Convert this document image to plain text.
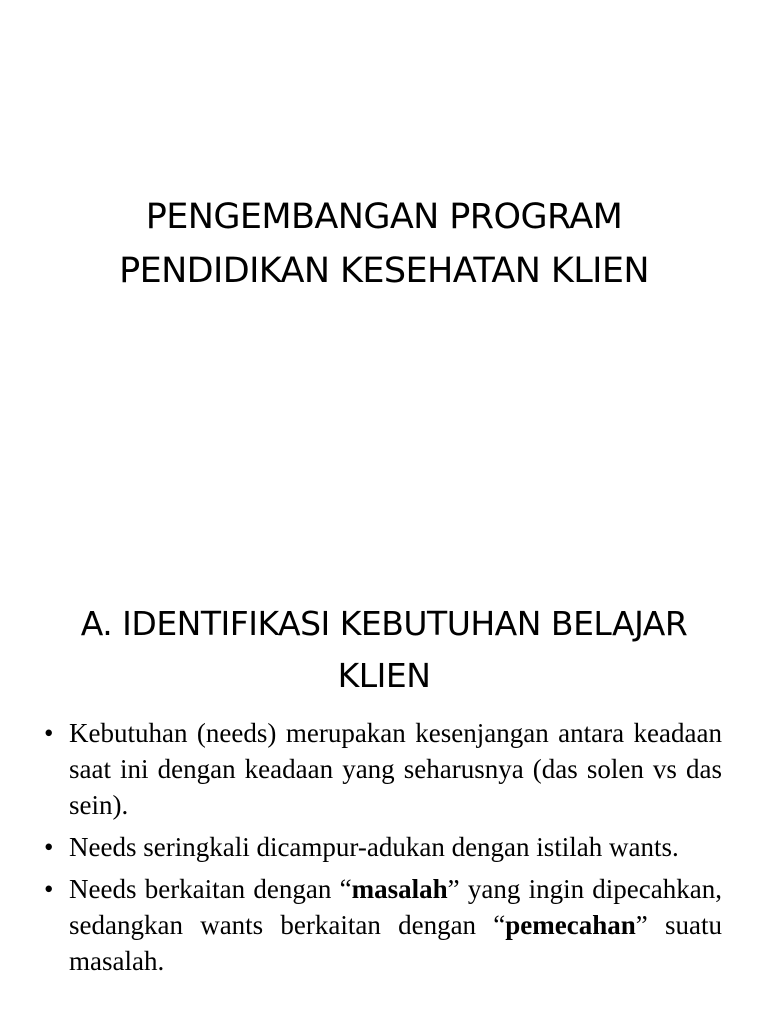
PENGEMBANGAN PROGRAM
PENDIDIKAN KESEHATAN KLIEN
A. IDENTIFIKASI KEBUTUHAN BELAJAR
KLIEN
• Kebutuhan (needs) merupakan kesenjangan antara keadaan saat ini dengan keadaan yang seharusnya (das solen vs das sein).
• Needs seringkali dicampur-adukan dengan istilah wants.
• Needs berkaitan dengan “masalah” yang ingin dipecahkan, sedangkan wants berkaitan dengan “pemecahan” suatu masalah.
